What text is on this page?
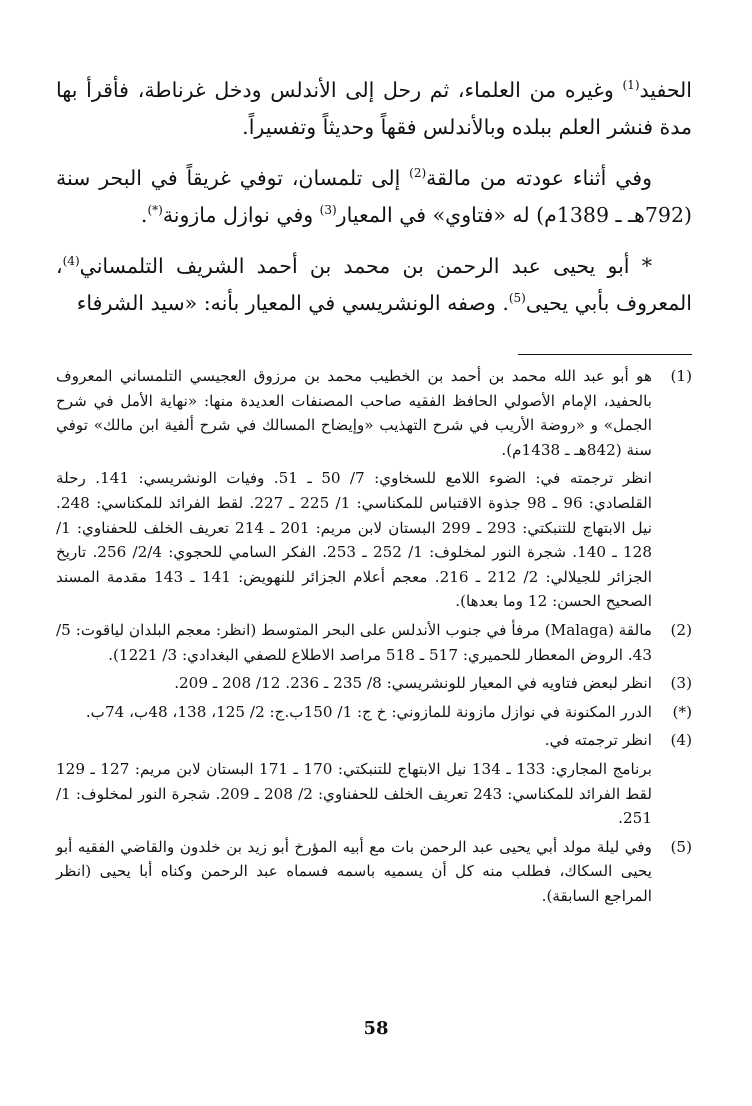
الحفيد$^{(1)}$ وغيره من العلماء، ثم رحل إلى الأندلس ودخل غرناطة، فأقرأ بها مدة فنشر العلم ببلده وبالأندلس فقهاً وحديثاً وتفسيراً.

وفي أثناء عودته من مالقة$^{(2)}$ إلى تلمسان، توفي غريقاً في البحر سنة (792هـ ـ 1389م) له «فتاوي» في المعيار$^{(3)}$ وفي نوازل مازونة(*).

* أبو يحيى عبد الرحمن بن محمد بن أحمد الشريف التلمساني$^{(4)}$، المعروف بأبي يحيى$^{(5)}$. وصفه الونشريسي في المعيار بأنه: «سيد الشرفاء

(1)
هو أبو عبد الله محمد بن أحمد بن الخطيب محمد بن مرزوق العجيسي التلمساني المعروف بالحفيد، الإمام الأصولي الحافظ الفقيه صاحب المصنفات العديدة منها: «نهاية الأمل في شرح الجمل» و «روضة الأريب في شرح التهذيب «وإيضاح المسالك في شرح ألفية ابن مالك» توفي سنة (842هـ ـ 1438م).
انظر ترجمته في: الضوء اللامع للسخاوي: 7/ 50 ـ 51. وفيات الونشريسي: 141. رحلة القلصادي: 96 ـ 98 جذوة الاقتباس للمكناسي: 1/ 225 ـ 227. لقط الفرائد للمكناسي: 248. نيل الابتهاج للتنبكتي: 293 ـ 299 البستان لابن مريم: 201 ـ 214 تعريف الخلف للحفناوي: 1/ 128 ـ 140. شجرة النور لمخلوف: 1/ 252 ـ 253. الفكر السامي للحجوي: 2/4/ 256. تاريخ الجزائر للجيلالي: 2/ 212 ـ 216. معجم أعلام الجزائر للنهويض: 141 ـ 143 مقدمة المسند الصحيح الحسن: 12 وما بعدها).
(2)
مالقة (Malaga) مرفأ في جنوب الأندلس على البحر المتوسط (انظر: معجم البلدان لياقوت: 5/ 43. الروض المعطار للحميري: 517 ـ 518 مراصد الاطلاع للصفي البغدادي: 3/ 1221).
(3)
انظر لبعض فتاويه في المعيار للونشريسي: 8/ 235 ـ 236. 12/ 208 ـ 209.
(*)
الدرر المكنونة في نوازل مازونة للمازوني: خ ج: 1/ 150ب.ج: 2/ 125، 138، 48ب، 74ب.
(4)
انظر ترجمته في.
برنامج المجاري: 133 ـ 134 نيل الابتهاج للتنبكتي: 170 ـ 171 البستان لابن مريم: 127 ـ 129 لقط الفرائد للمكناسي: 243 تعريف الخلف للحفناوي: 2/ 208 ـ 209. شجرة النور لمخلوف: 1/ 251.
(5)
وفي ليلة مولد أبي يحيى عبد الرحمن بات مع أبيه المؤرخ أبو زيد بن خلدون والقاضي الفقيه أبو يحيى السكاك، فطلب منه كل أن يسميه باسمه فسماه عبد الرحمن وكناه أبا يحيى (انظر المراجع السابقة).
58
